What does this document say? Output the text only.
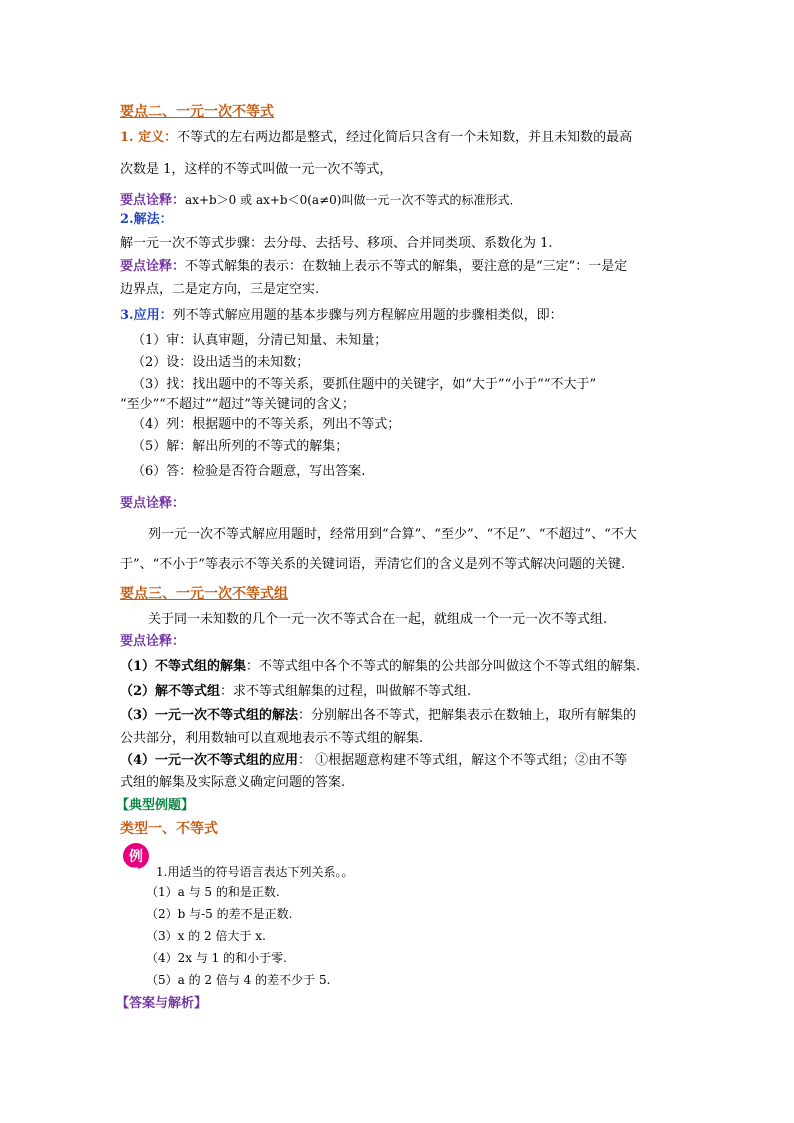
要点二、一元一次不等式
1. 定义：不等式的左右两边都是整式，经过化简后只含有一个未知数，并且未知数的最高
次数是 1，这样的不等式叫做一元一次不等式，
要点诠释：ax+b＞0 或 ax+b＜0(a≠0)叫做一元一次不等式的标准形式．
2.解法：
解一元一次不等式步骤：去分母、去括号、移项、合并同类项、系数化为 1.
要点诠释：不等式解集的表示：在数轴上表示不等式的解集，要注意的是“三定”：一是定
边界点，二是定方向，三是定空实.
3.应用：列不等式解应用题的基本步骤与列方程解应用题的步骤相类似，即：
（1）审：认真审题，分清已知量、未知量；
（2）设：设出适当的未知数；
（3）找：找出题中的不等关系，要抓住题中的关键字，如“大于”“小于”“不大于”
“至少”“不超过”“超过”等关键词的含义；
（4）列：根据题中的不等关系，列出不等式；
（5）解：解出所列的不等式的解集；
（6）答：检验是否符合题意，写出答案.
要点诠释：
列一元一次不等式解应用题时，经常用到“合算”、“至少”、“不足”、“不超过”、“不大
于”、“不小于”等表示不等关系的关键词语，弄清它们的含义是列不等式解决问题的关键.
要点三、一元一次不等式组
关于同一未知数的几个一元一次不等式合在一起，就组成一个一元一次不等式组.
要点诠释：
（1）不等式组的解集：不等式组中各个不等式的解集的公共部分叫做这个不等式组的解集.
（2）解不等式组：求不等式组解集的过程，叫做解不等式组.
（3）一元一次不等式组的解法：分别解出各不等式，把解集表示在数轴上，取所有解集的
公共部分，利用数轴可以直观地表示不等式组的解集.
（4）一元一次不等式组的应用： ①根据题意构建不等式组，解这个不等式组；②由不等
式组的解集及实际意义确定问题的答案.
【典型例题】
类型一、不等式
例
1.用适当的符号语言表达下列关系。。
（1）a 与 5 的和是正数.
（2）b 与-5 的差不是正数.
（3）x 的 2 倍大于 x.
（4）2x 与 1 的和小于零.
（5）a 的 2 倍与 4 的差不少于 5.
【答案与解析】
